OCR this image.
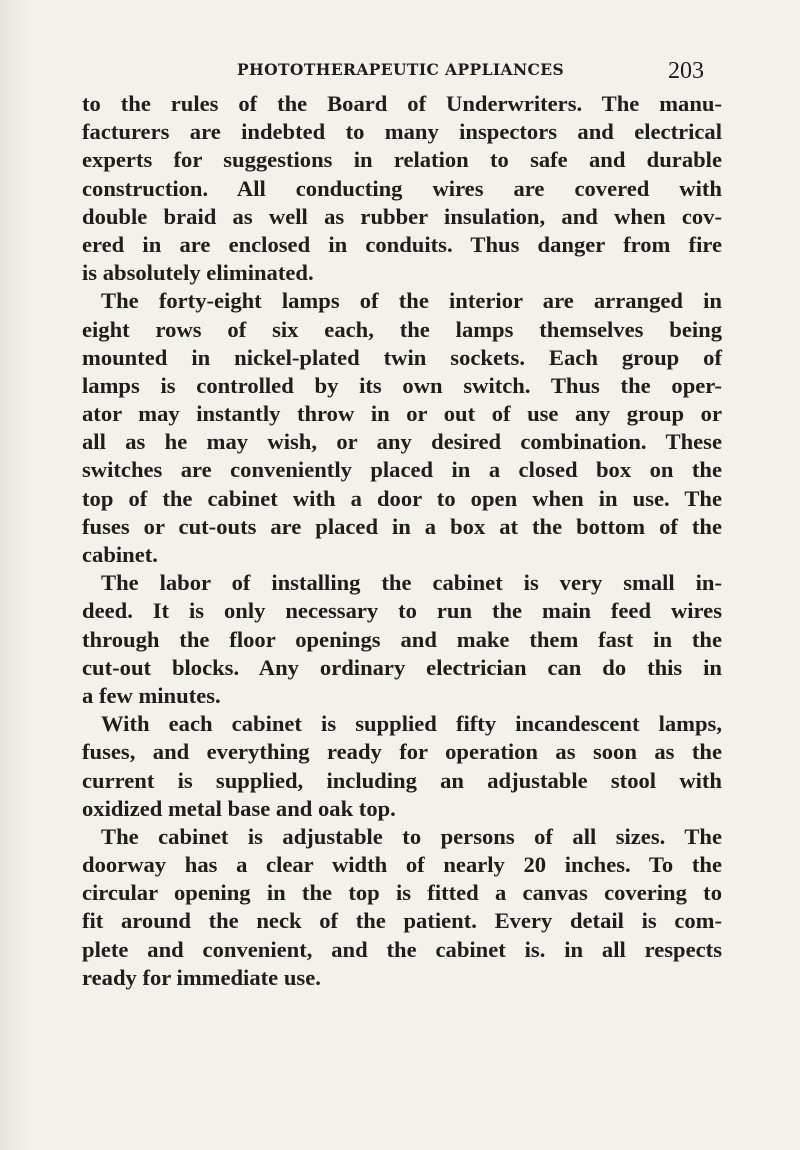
PHOTOTHERAPEUTIC APPLIANCES	203
to the rules of the Board of Underwriters. The manu-
facturers are indebted to many inspectors and electrical
experts for suggestions in relation to safe and durable
construction. All conducting wires are covered with
double braid as well as rubber insulation, and when cov-
ered in are enclosed in conduits. Thus danger from fire
is absolutely eliminated.
The forty-eight lamps of the interior are arranged in
eight rows of six each, the lamps themselves being
mounted in nickel-plated twin sockets. Each group of
lamps is controlled by its own switch. Thus the oper-
ator may instantly throw in or out of use any group or
all as he may wish, or any desired combination. These
switches are conveniently placed in a closed box on the
top of the cabinet with a door to open when in use. The
fuses or cut-outs are placed in a box at the bottom of the
cabinet.
The labor of installing the cabinet is very small in-
deed. It is only necessary to run the main feed wires
through the floor openings and make them fast in the
cut-out blocks. Any ordinary electrician can do this in
a few minutes.
With each cabinet is supplied fifty incandescent lamps,
fuses, and everything ready for operation as soon as the
current is supplied, including an adjustable stool with
oxidized metal base and oak top.
The cabinet is adjustable to persons of all sizes. The
doorway has a clear width of nearly 20 inches. To the
circular opening in the top is fitted a canvas covering to
fit around the neck of the patient. Every detail is com-
plete and convenient, and the cabinet is. in all respects
ready for immediate use.
